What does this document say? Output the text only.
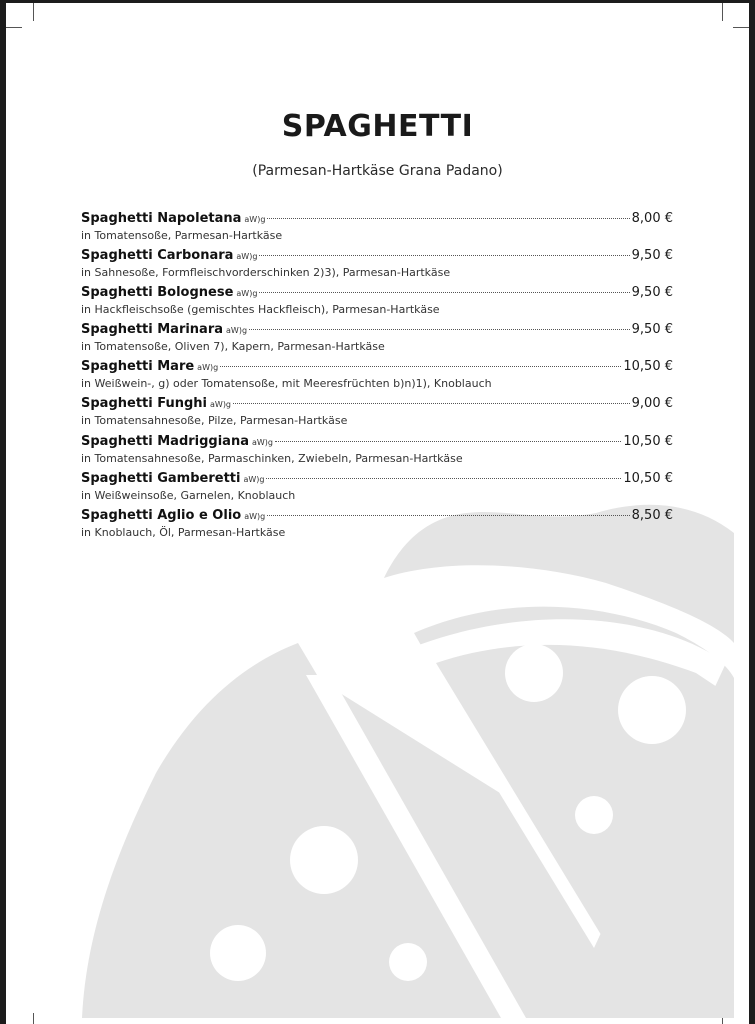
SPAGHETTI
(Parmesan-Hartkäse Grana Padano)
Spaghetti Napoletana aW)g	8,00 €
in Tomatensoße, Parmesan-Hartkäse
Spaghetti Carbonara aW)g	9,50 €
in Sahnesoße, Formfleischvorderschinken 2)3), Parmesan-Hartkäse
Spaghetti Bolognese aW)g	9,50 €
in Hackfleischsoße (gemischtes Hackfleisch), Parmesan-Hartkäse
Spaghetti Marinara aW)g	9,50 €
in Tomatensoße, Oliven 7), Kapern, Parmesan-Hartkäse
Spaghetti Mare aW)g	10,50 €
in Weißwein-, g) oder Tomatensoße, mit Meeresfrüchten b)n)1), Knoblauch
Spaghetti Funghi aW)g	9,00 €
in Tomatensahnesoße, Pilze, Parmesan-Hartkäse
Spaghetti Madriggiana aW)g	10,50 €
in Tomatensahnesoße, Parmaschinken, Zwiebeln, Parmesan-Hartkäse
Spaghetti Gamberetti aW)g	10,50 €
in Weißweinsoße, Garnelen, Knoblauch
Spaghetti Aglio e Olio aW)g	8,50 €
in Knoblauch, Öl, Parmesan-Hartkäse
